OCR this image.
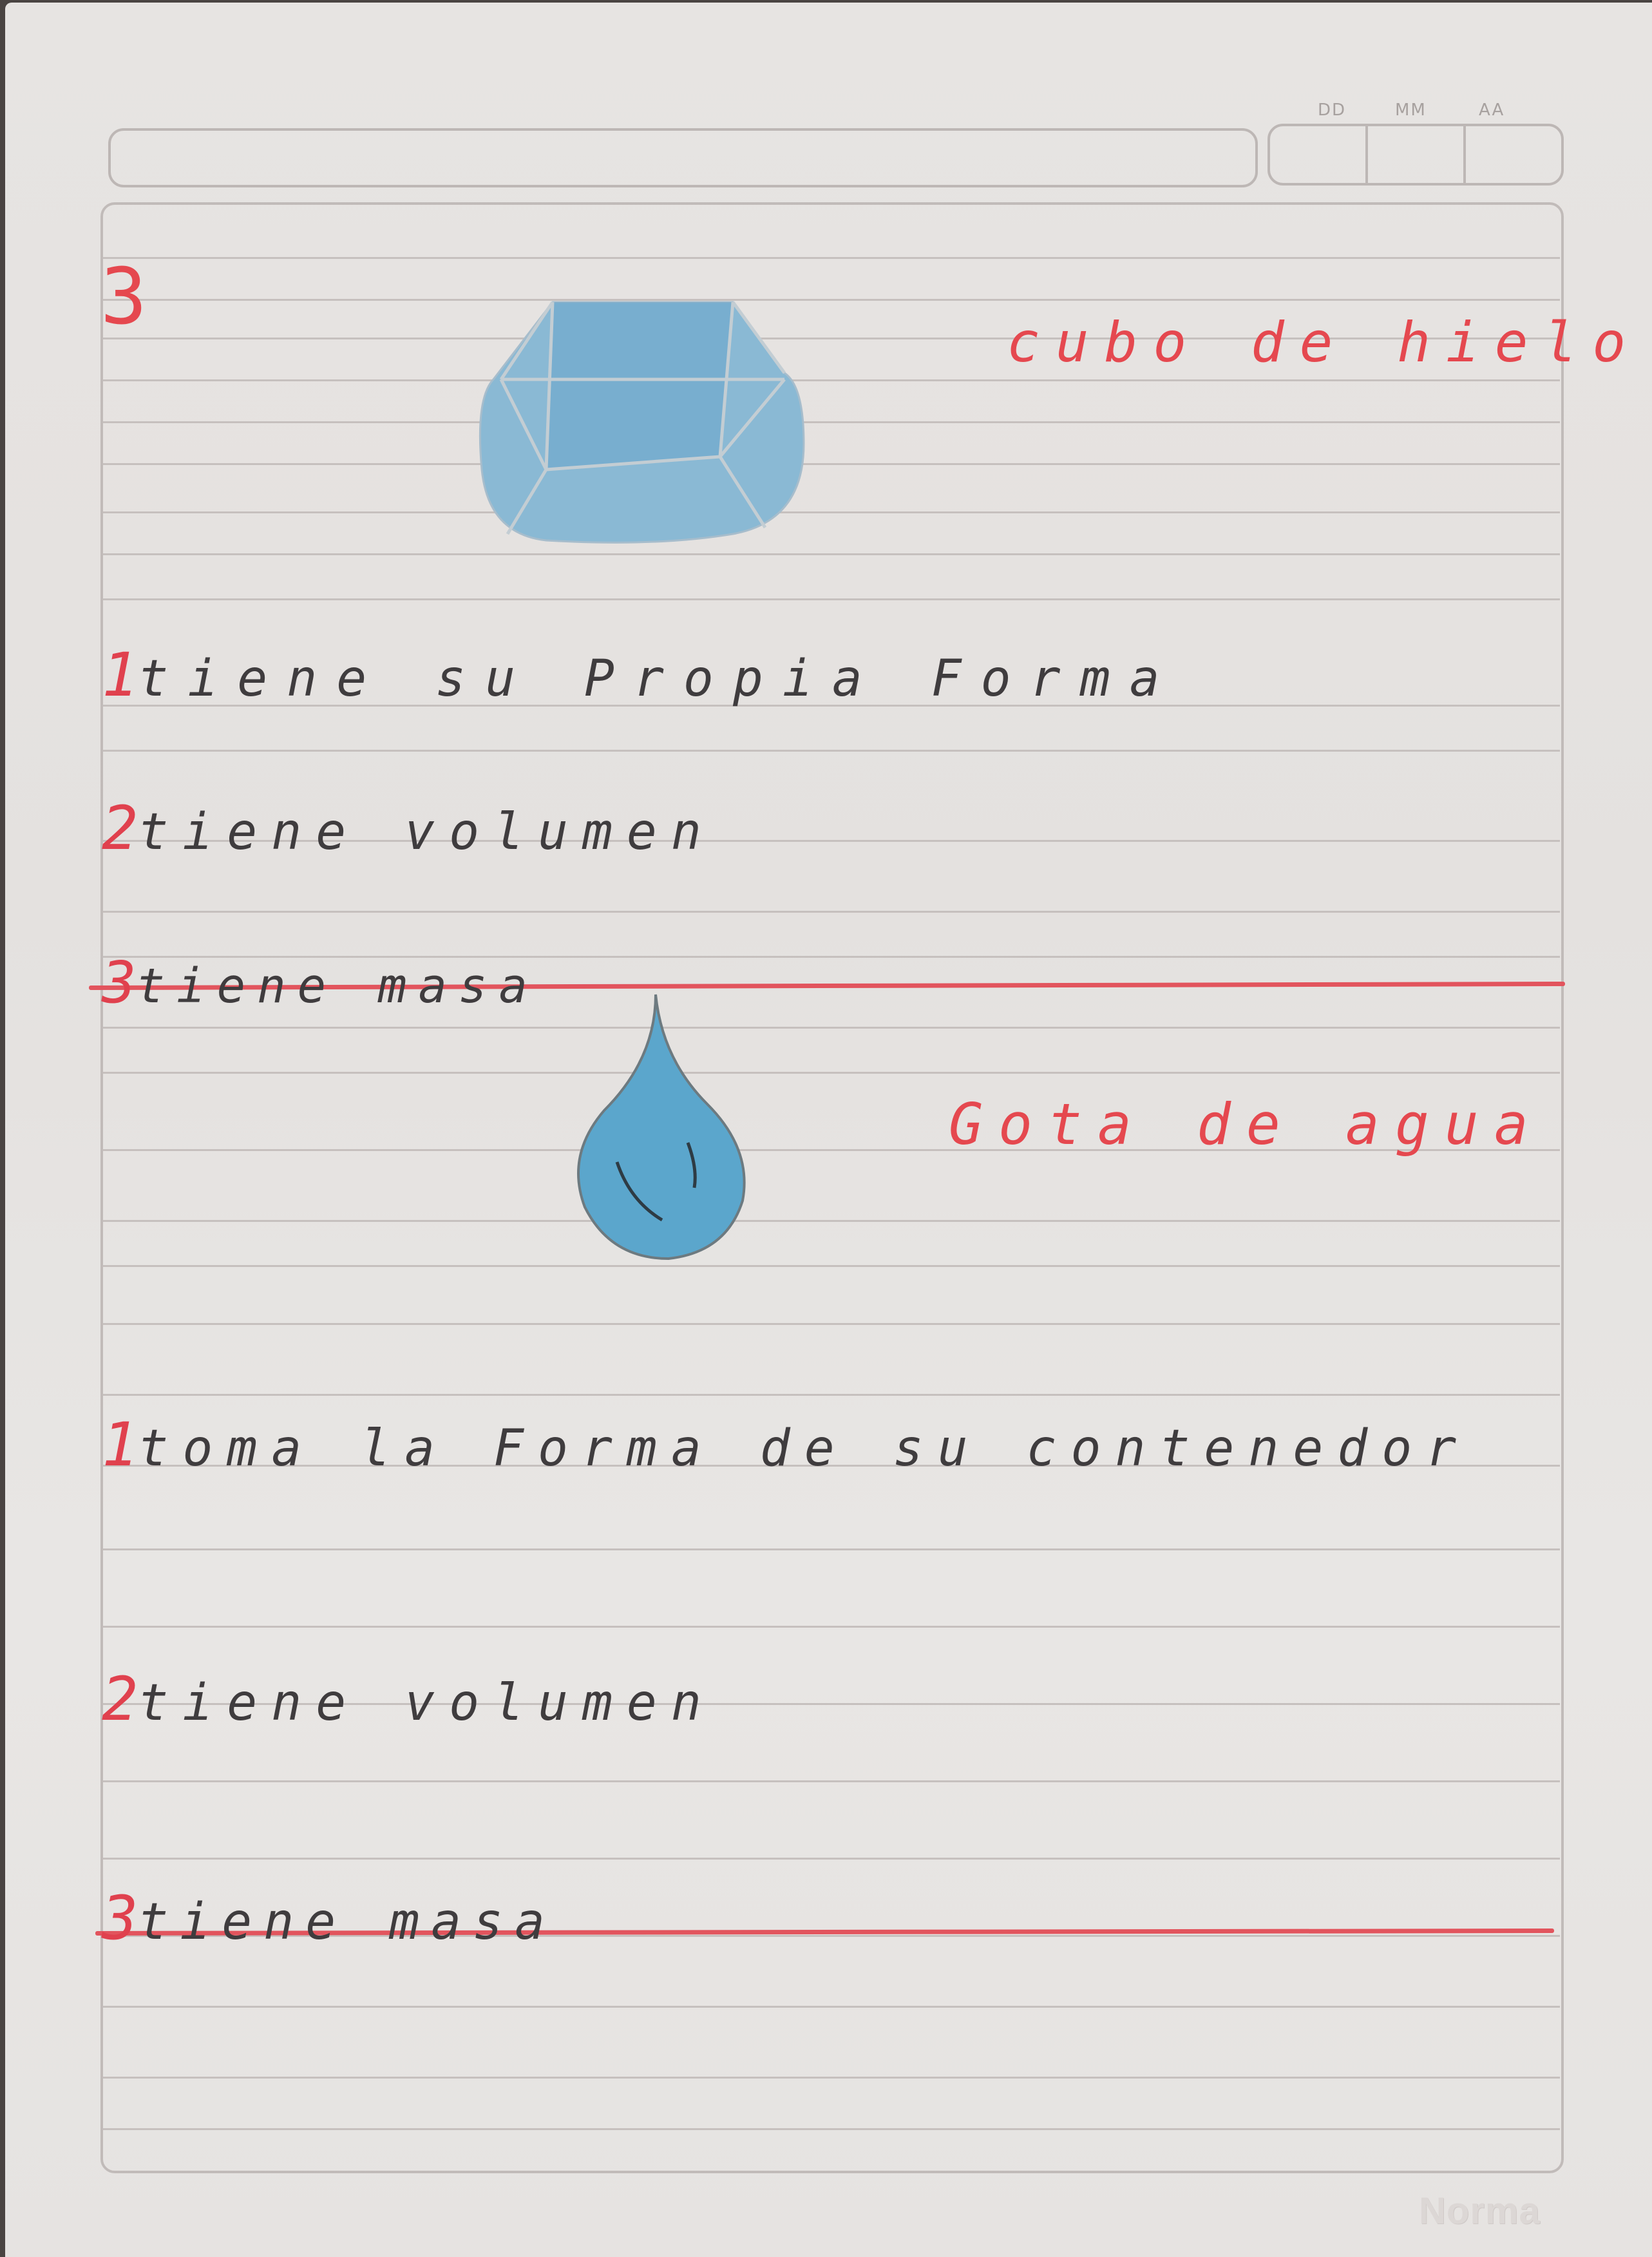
DD	MM	AA
3
cubo de hielo
1tiene su Propia Forma
2tiene volumen
3tiene masa
Gota de agua
1toma la Forma de su contenedor
2tiene volumen
3tiene masa
Norma
